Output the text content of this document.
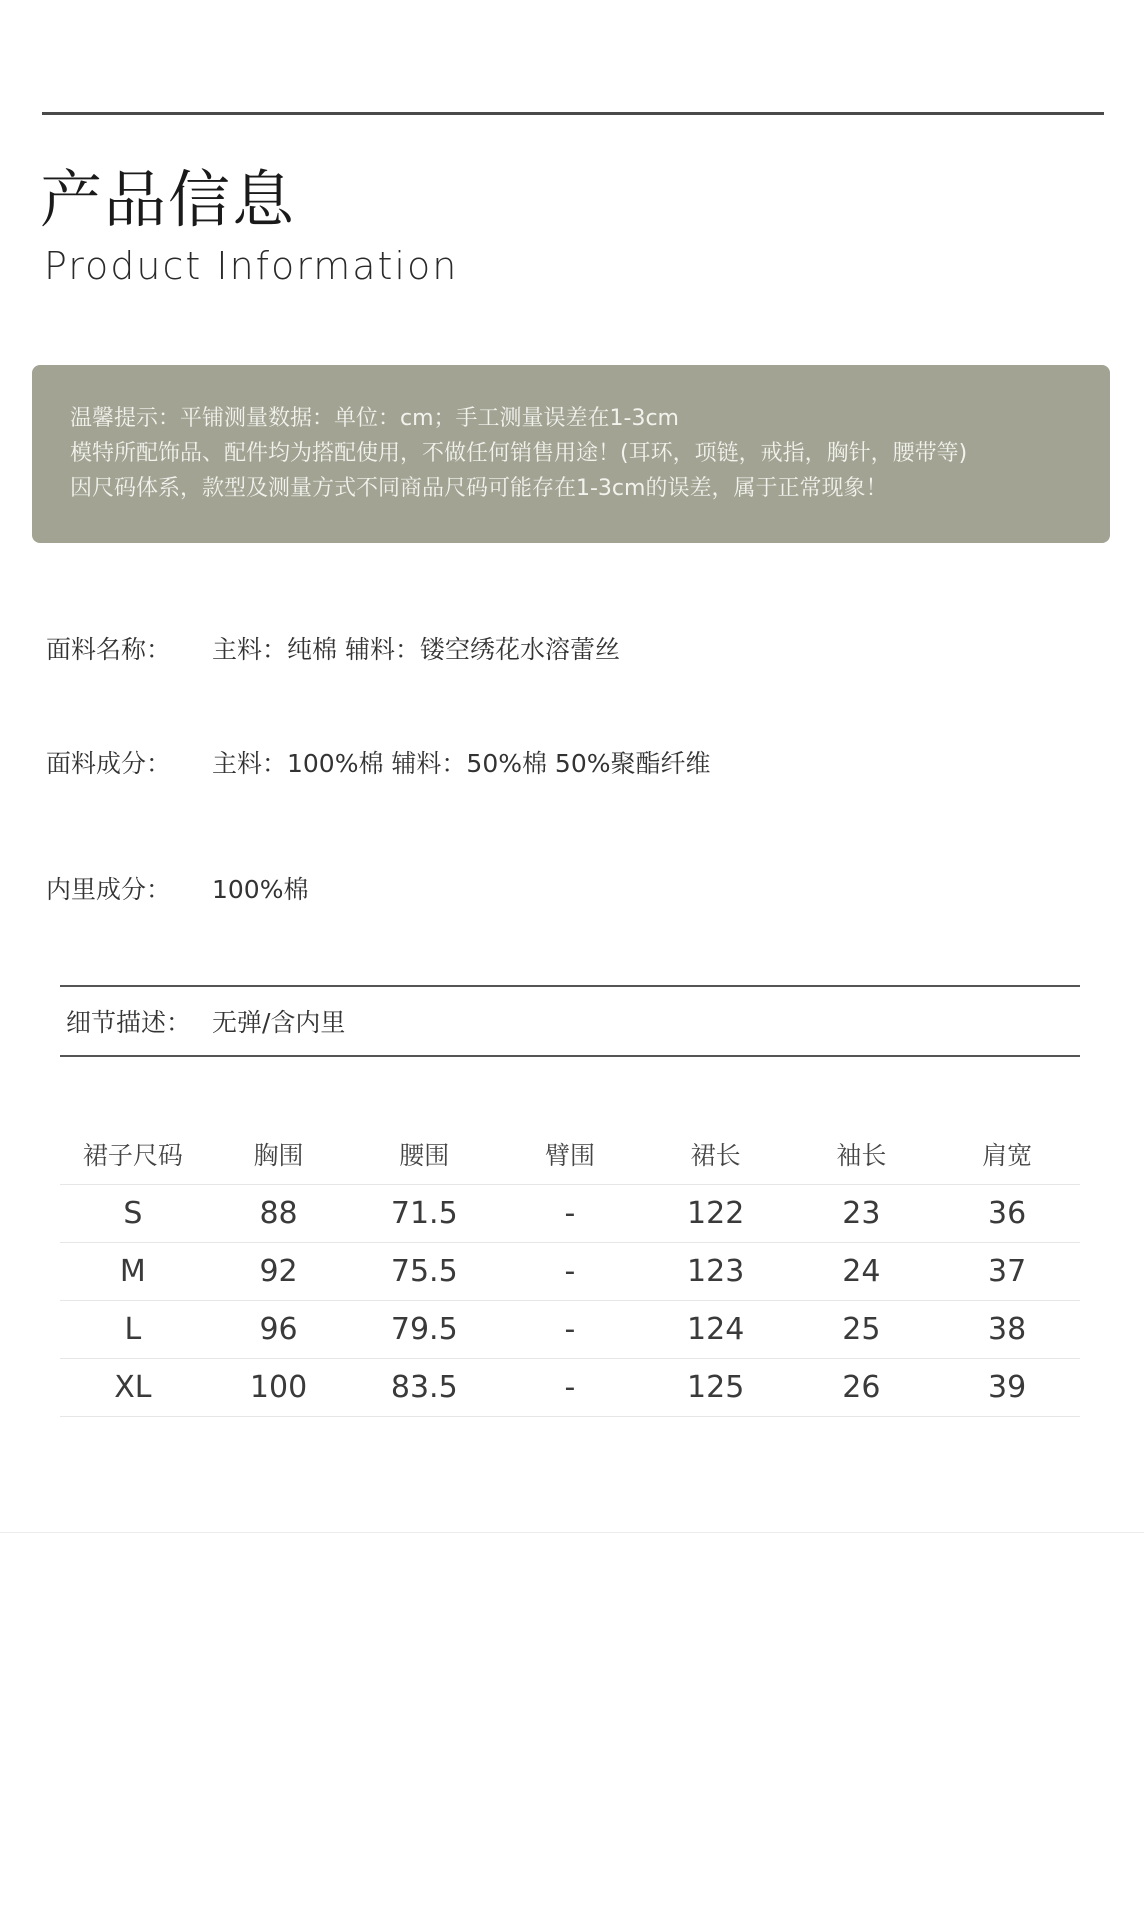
产品信息
Product Information

温馨提示：平铺测量数据：单位：cm；手工测量误差在1-3cm

模特所配饰品、配件均为搭配使用，不做任何销售用途！(耳环，项链，戒指，胸针，腰带等)

因尺码体系，款型及测量方式不同商品尺码可能存在1-3cm的误差，属于正常现象！

面料名称：	主料：纯棉 辅料：镂空绣花水溶蕾丝
面料成分：	主料：100%棉 辅料：50%棉 50%聚酯纤维
内里成分：	100%棉
细节描述： 无弹/含内里
裙子尺码	胸围	腰围	臂围	裙长	袖长	肩宽
S	88	71.5	-	122	23	36
M	92	75.5	-	123	24	37
L	96	79.5	-	124	25	38
XL	100	83.5	-	125	26	39
